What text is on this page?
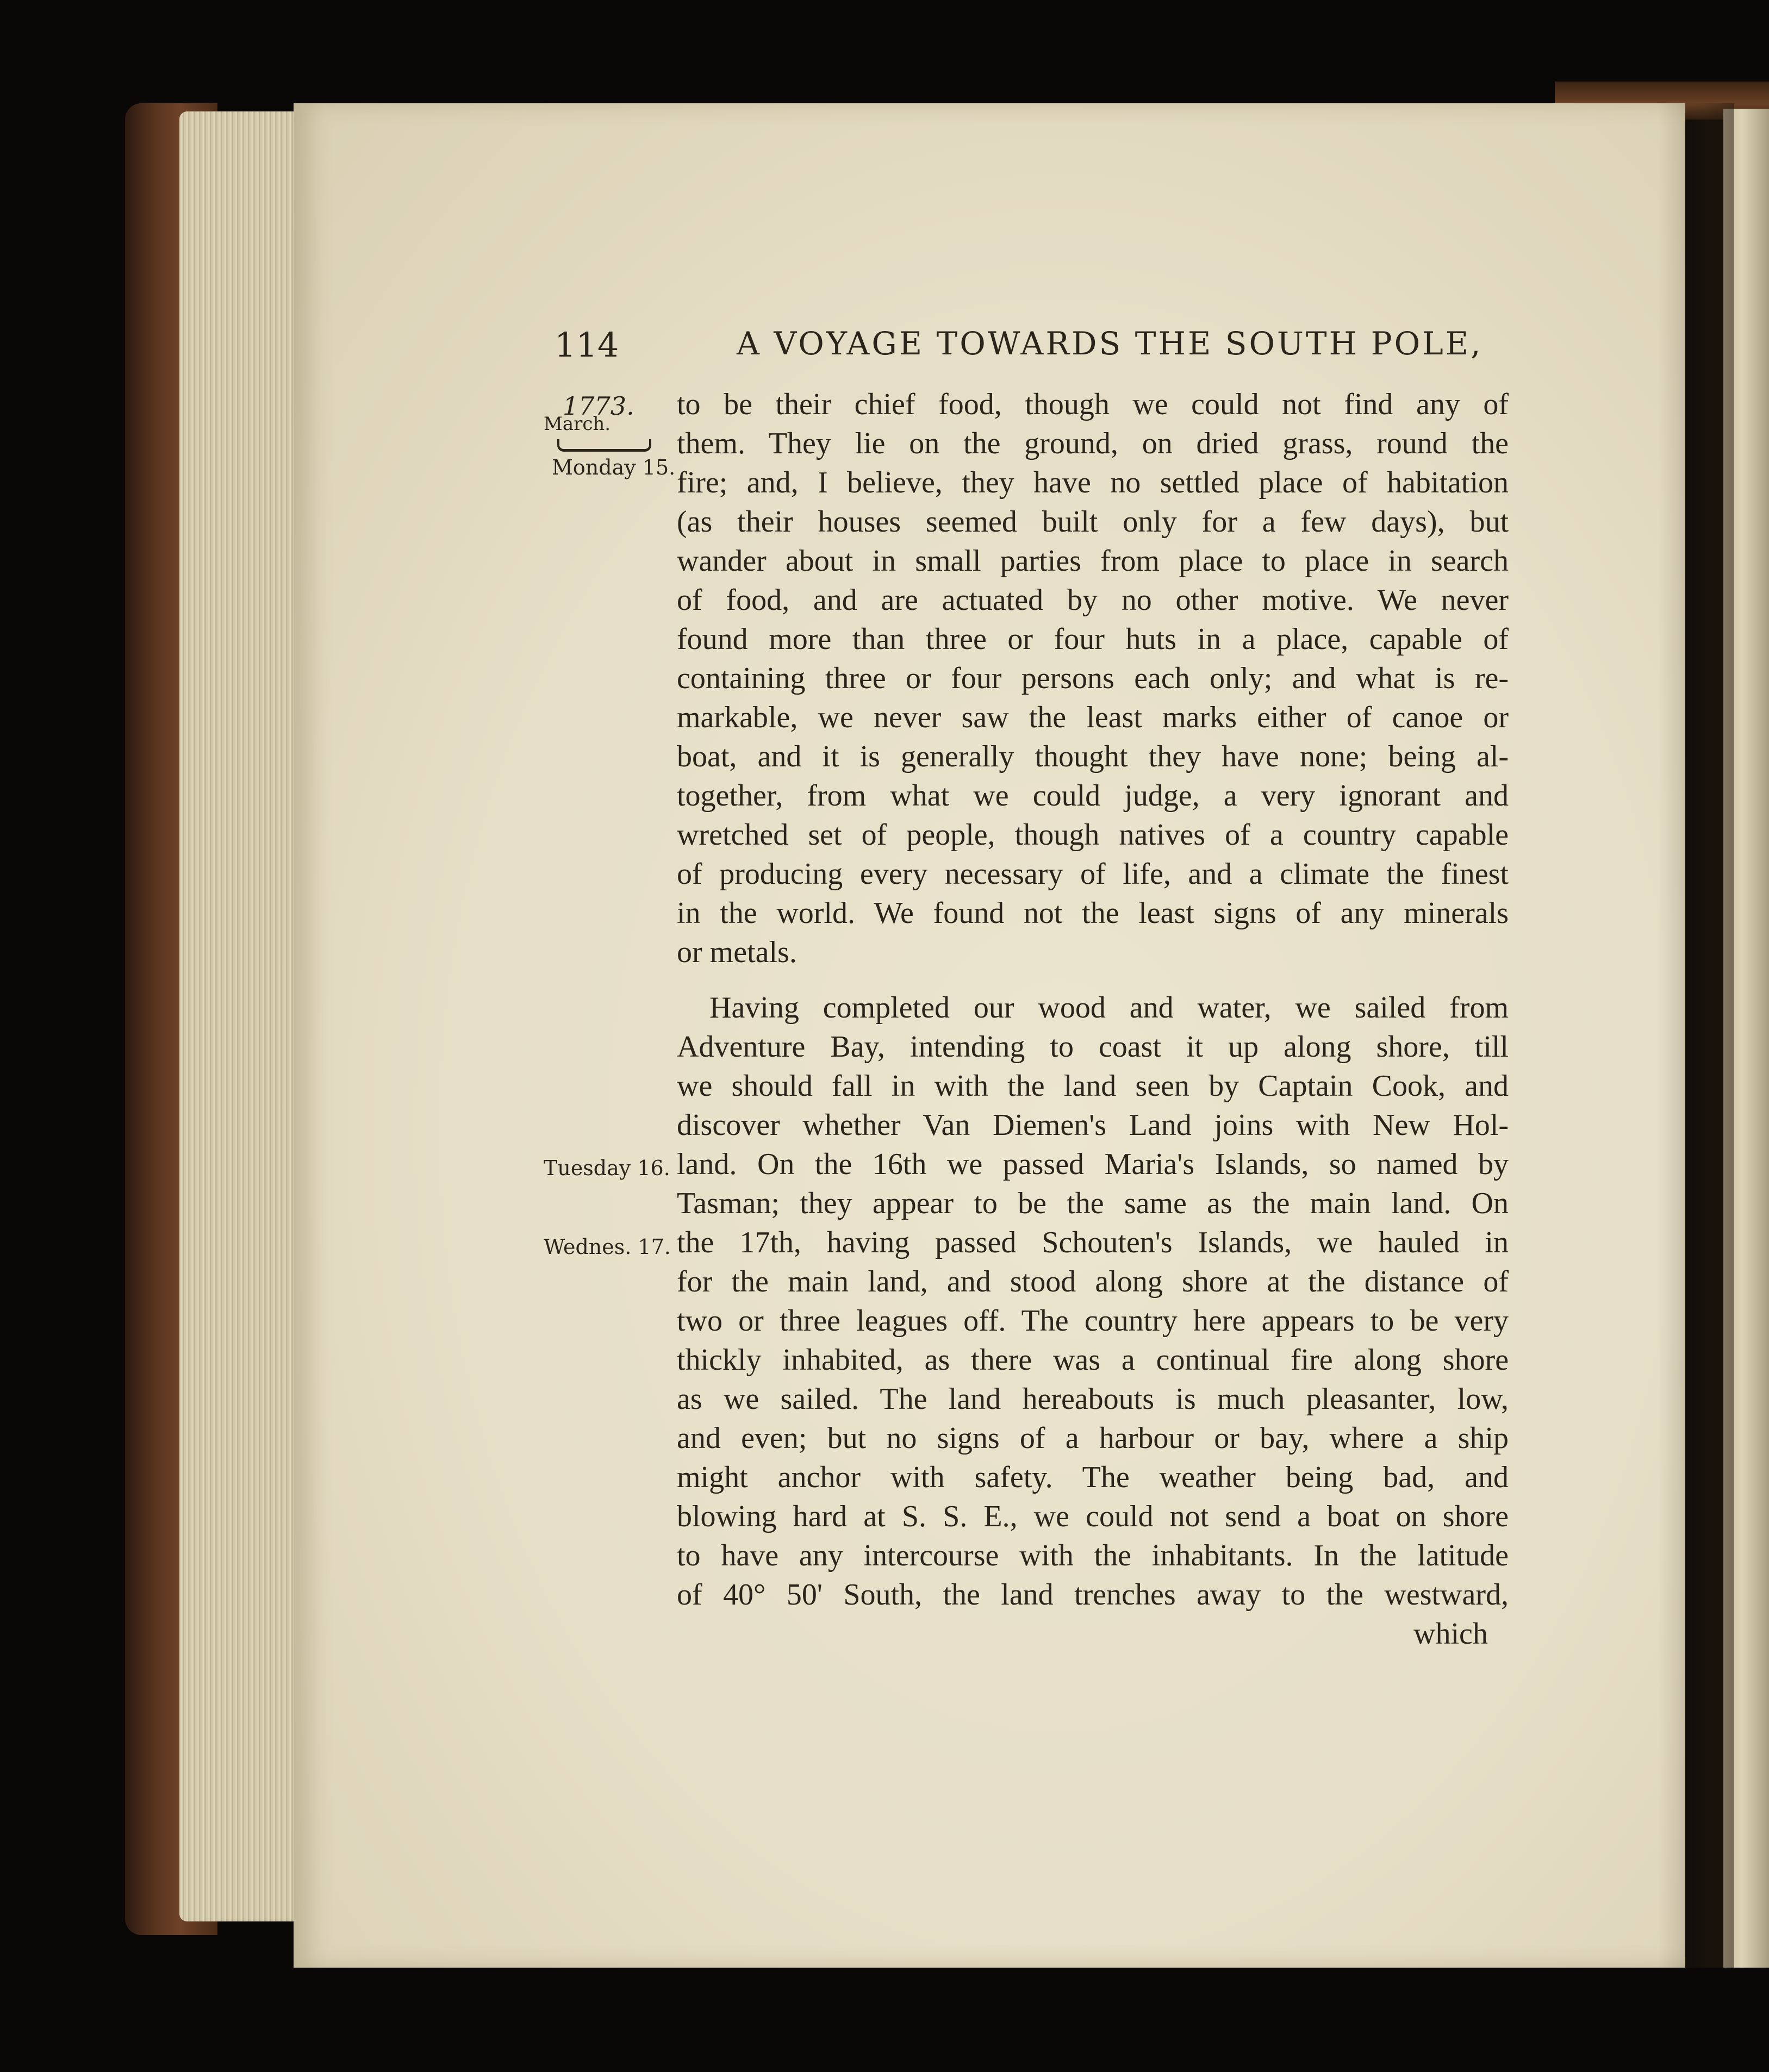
114	A VOYAGE TOWARDS THE SOUTH POLE,
1773.
March.
Monday 15.
Tuesday 16.
Wednes. 17.
to be their chief food, though we could not find any of
them. They lie on the ground, on dried grass, round the
fire; and, I believe, they have no settled place of habitation
(as their houses seemed built only for a few days), but
wander about in small parties from place to place in search
of food, and are actuated by no other motive. We never
found more than three or four huts in a place, capable of
containing three or four persons each only; and what is re-
markable, we never saw the least marks either of canoe or
boat, and it is generally thought they have none; being al-
together, from what we could judge, a very ignorant and
wretched set of people, though natives of a country capable
of producing every necessary of life, and a climate the finest
in the world. We found not the least signs of any minerals
or metals.
Having completed our wood and water, we sailed from
Adventure Bay, intending to coast it up along shore, till
we should fall in with the land seen by Captain Cook, and
discover whether Van Diemen's Land joins with New Hol-
land. On the 16th we passed Maria's Islands, so named by
Tasman; they appear to be the same as the main land. On
the 17th, having passed Schouten's Islands, we hauled in
for the main land, and stood along shore at the distance of
two or three leagues off. The country here appears to be very
thickly inhabited, as there was a continual fire along shore
as we sailed. The land hereabouts is much pleasanter, low,
and even; but no signs of a harbour or bay, where a ship
might anchor with safety. The weather being bad, and
blowing hard at S. S. E., we could not send a boat on shore
to have any intercourse with the inhabitants. In the latitude
of 40° 50' South, the land trenches away to the westward,
which
